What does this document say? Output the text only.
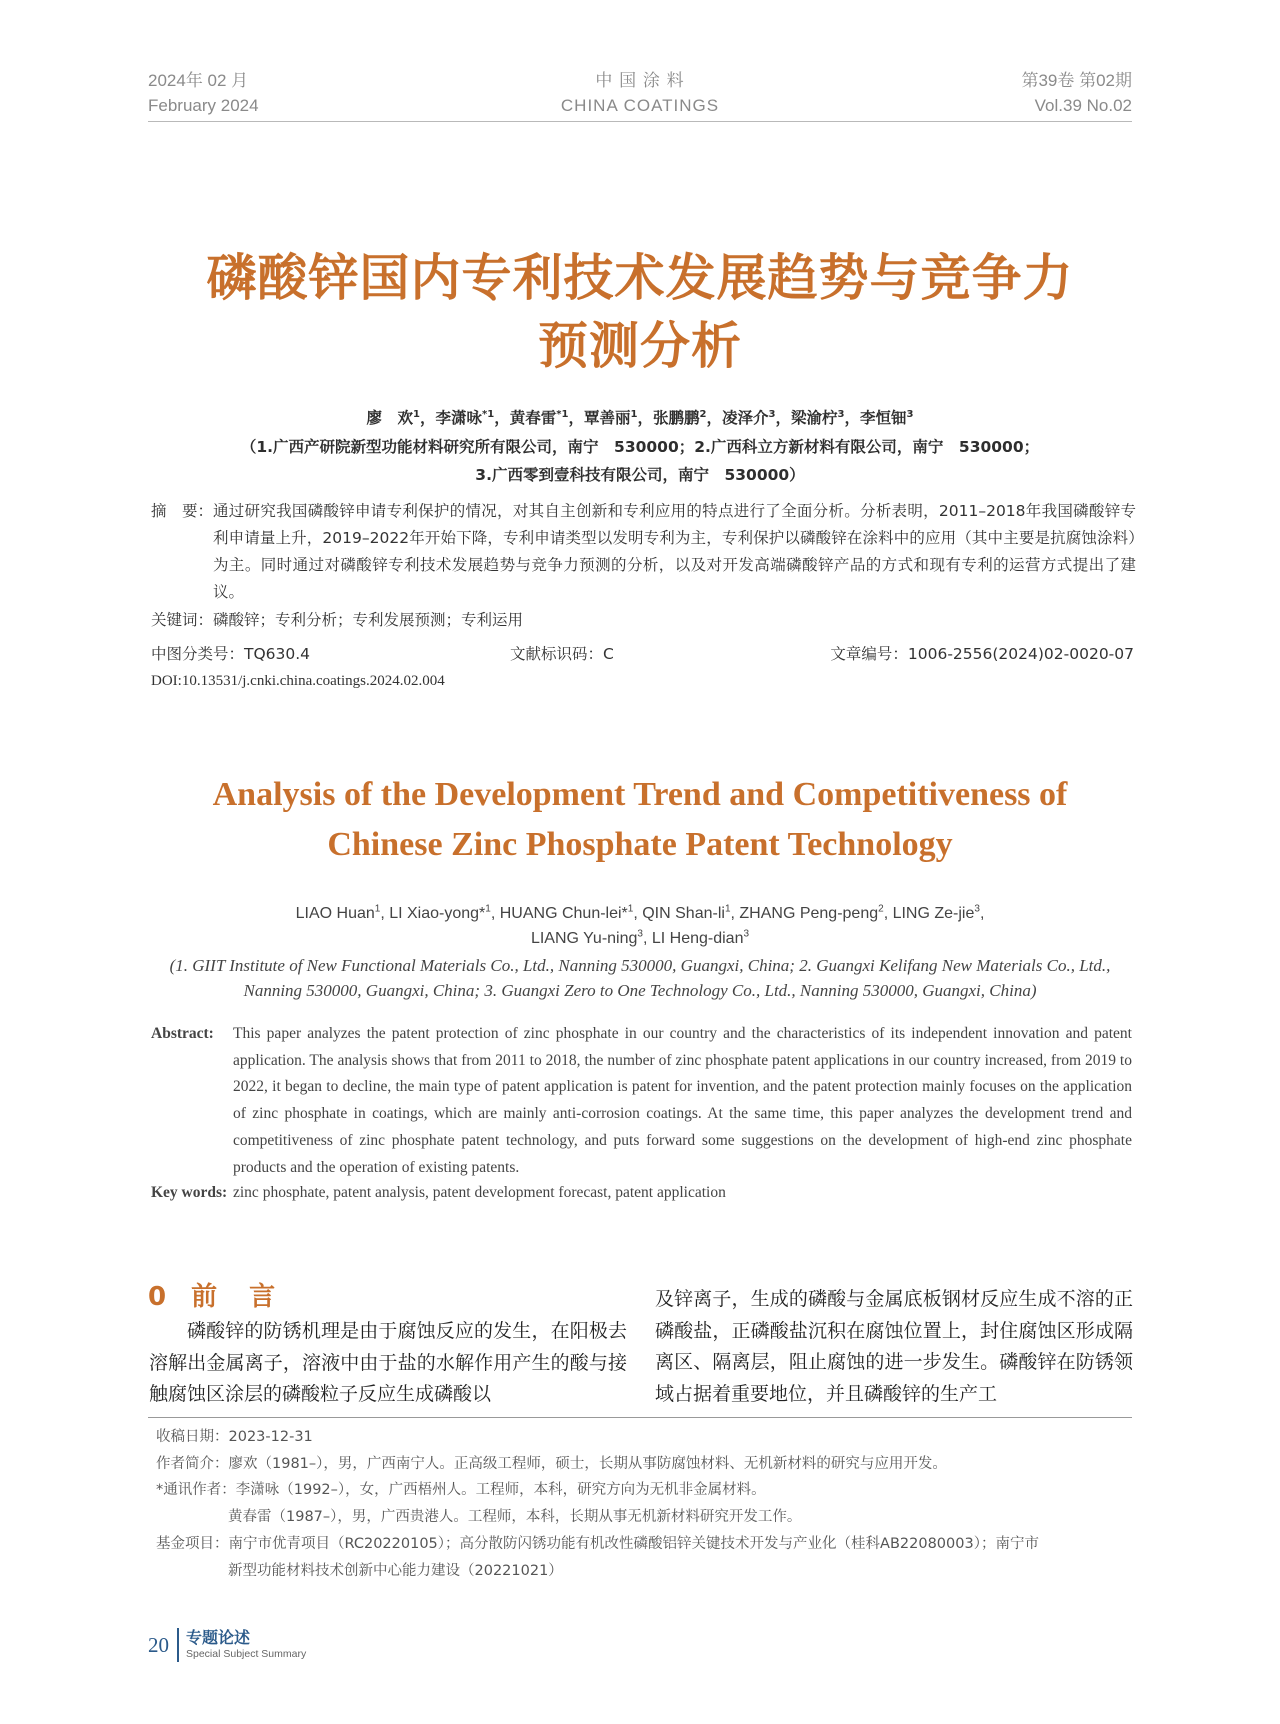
2024年 02 月
February 2024
中 国 涂 料
CHINA COATINGS
第39卷 第02期
Vol.39 No.02
磷酸锌国内专利技术发展趋势与竞争力
预测分析
廖　欢$^1$，李潇咏$^{*1}$，黄春雷$^{*1}$，覃善丽$^1$，张鹏鹏$^2$，凌泽介$^3$，梁渝柠$^3$，李恒钿$^3$
（1.广西产研院新型功能材料研究所有限公司，南宁　530000；2.广西科立方新材料有限公司，南宁　530000；
3.广西零到壹科技有限公司，南宁　530000）
摘　要： 通过研究我国磷酸锌申请专利保护的情况，对其自主创新和专利应用的特点进行了全面分析。分析表明，2011–2018年我国磷酸锌专利申请量上升，2019–2022年开始下降，专利申请类型以发明专利为主，专利保护以磷酸锌在涂料中的应用（其中主要是抗腐蚀涂料）为主。同时通过对磷酸锌专利技术发展趋势与竞争力预测的分析，以及对开发高端磷酸锌产品的方式和现有专利的运营方式提出了建议。
关键词：磷酸锌；专利分析；专利发展预测；专利运用
中图分类号：TQ630.4	文献标识码：C	文章编号：1006-2556(2024)02-0020-07
DOI:10.13531/j.cnki.china.coatings.2024.02.004
Analysis of the Development Trend and Competitiveness of
Chinese Zinc Phosphate Patent Technology
LIAO Huan$^1$, LI Xiao-yong*$^1$, HUANG Chun-lei*$^1$, QIN Shan-$li^1$, ZHANG Peng-peng$^2$, LING Ze-jie$^3$,
LIANG Yu-ning$^3$, LI Heng-dian$^3$
(1. GIIT Institute of New Functional Materials Co., Ltd., Nanning 530000, Guangxi, China; 2. Guangxi Kelifang New Materials Co., Ltd., Nanning 530000, Guangxi, China; 3. Guangxi Zero to One Technology Co., Ltd., Nanning 530000, Guangxi, China)
Abstract:	This paper analyzes the patent protection of zinc phosphate in our country and the characteristics of its independent innovation and patent application. The analysis shows that from 2011 to 2018, the number of zinc phosphate patent applications in our country increased, from 2019 to 2022, it began to decline, the main type of patent application is patent for invention, and the patent protection mainly focuses on the application of zinc phosphate in coatings, which are mainly anti-corrosion coatings. At the same time, this paper analyzes the development trend and competitiveness of zinc phosphate patent technology, and puts forward some suggestions on the development of high-end zinc phosphate products and the operation of existing patents.
Key words: zinc phosphate, patent analysis, patent development forecast, patent application
0 前　言
磷酸锌的防锈机理是由于腐蚀反应的发生，在阳极去溶解出金属离子，溶液中由于盐的水解作用产生的酸与接触腐蚀区涂层的磷酸粒子反应生成磷酸以
及锌离子，生成的磷酸与金属底板钢材反应生成不溶的正磷酸盐，正磷酸盐沉积在腐蚀位置上，封住腐蚀区形成隔离区、隔离层，阻止腐蚀的进一步发生。磷酸锌在防锈领域占据着重要地位，并且磷酸锌的生产工
收稿日期：2023-12-31
作者简介：廖欢（1981–），男，广西南宁人。正高级工程师，硕士，长期从事防腐蚀材料、无机新材料的研究与应用开发。
*通讯作者：李潇咏（1992–），女，广西梧州人。工程师，本科，研究方向为无机非金属材料。
黄春雷（1987–），男，广西贵港人。工程师，本科，长期从事无机新材料研究开发工作。
基金项目：南宁市优青项目（RC20220105）；高分散防闪锈功能有机改性磷酸铝锌关键技术开发与产业化（桂科AB22080003）；南宁市
新型功能材料技术创新中心能力建设（20221021）
20 专题论述
Special Subject Summary
